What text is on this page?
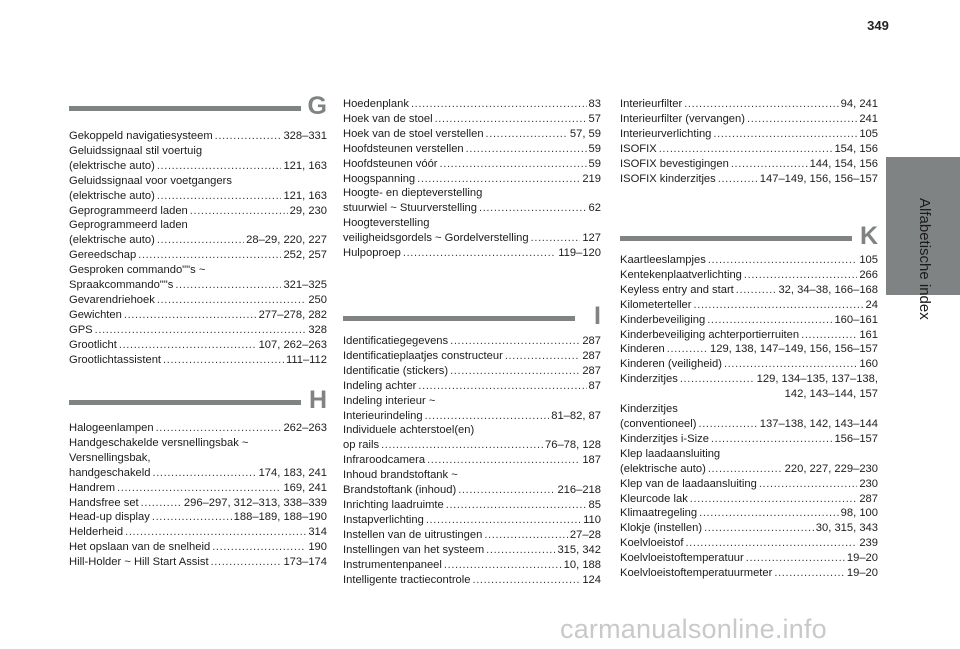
349
Alfabetische index
G
Gekoppeld navigatiesysteem . . .	328–331
Geluidssignaal stil voertuig
(elektrische auto) . . .	121, 163
Geluidssignaal voor voetgangers
(elektrische auto) . . .	121, 163
Geprogrammeerd laden . . .	29, 230
Geprogrammeerd laden
(elektrische auto) . . .	28–29, 220, 227
Gereedschap . . .	252, 257
Gesproken commando""s ~
Spraakcommando""s . . .	321–325
Gevarendriehoek . . .	250
Gewichten . . .	277–278, 282
GPS . . .	328
Grootlicht . . .	107, 262–263
Grootlichtassistent . . .	111–112
H
Halogeenlampen . . .	262–263
Handgeschakelde versnellingsbak ~
Versnellingsbak,
handgeschakeld . . .	174, 183, 241
Handrem . . .	169, 241
Handsfree set . . .	296–297, 312–313, 338–339
Head-up display . . .	188–189, 188–190
Helderheid . . .	314
Het opslaan van de snelheid . . .	190
Hill-Holder ~ Hill Start Assist . . .	173–174
Hoedenplank . . .	83
Hoek van de stoel . . .	57
Hoek van de stoel verstellen . . .	57, 59
Hoofdsteunen verstellen . . .	59
Hoofdsteunen vóór . . .	59
Hoogspanning . . .	219
Hoogte- en diepteverstelling
stuurwiel ~ Stuurverstelling . . .	62
Hoogteverstelling
veiligheidsgordels ~ Gordelverstelling . . .	127
Hulpoproep . . .	119–120
I
Identificatiegegevens . . .	287
Identificatieplaatjes constructeur . . .	287
Identificatie (stickers) . . .	287
Indeling achter . . .	87
Indeling interieur ~
Interieurindeling . . .	81–82, 87
Individuele achterstoel(en)
op rails . . .	76–78, 128
Infraroodcamera . . .	187
Inhoud brandstoftank ~
Brandstoftank (inhoud) . . .	216–218
Inrichting laadruimte . . .	85
Instapverlichting . . .	110
Instellen van de uitrustingen . . .	27–28
Instellingen van het systeem . . .	315, 342
Instrumentenpaneel . . .	10, 188
Intelligente tractiecontrole . . .	124
Interieurfilter . . .	94, 241
Interieurfilter (vervangen) . . .	241
Interieurverlichting . . .	105
ISOFIX . . .	154, 156
ISOFIX bevestigingen . . .	144, 154, 156
ISOFIX kinderzitjes . . .	147–149, 156, 156–157
K
Kaartleeslampjes . . .	105
Kentekenplaatverlichting . . .	266
Keyless entry and start . . .	32, 34–38, 166–168
Kilometerteller . . .	24
Kinderbeveiliging . . .	160–161
Kinderbeveiliging achterportierruiten . . .	161
Kinderen . . .	129, 138, 147–149, 156, 156–157
Kinderen (veiligheid) . . .	160
Kinderzitjes . . .	129, 134–135, 137–138,
142, 143–144, 157
Kinderzitjes
(conventioneel) . . .	137–138, 142, 143–144
Kinderzitjes i-Size . . .	156–157
Klep laadaansluiting
(elektrische auto) . . .	220, 227, 229–230
Klep van de laadaansluiting . . .	230
Kleurcode lak . . .	287
Klimaatregeling . . .	98, 100
Klokje (instellen) . . .	30, 315, 343
Koelvloeistof . . .	239
Koelvloeistoftemperatuur . . .	19–20
Koelvloeistoftemperatuurmeter . . .	19–20
carmanualsonline.info
